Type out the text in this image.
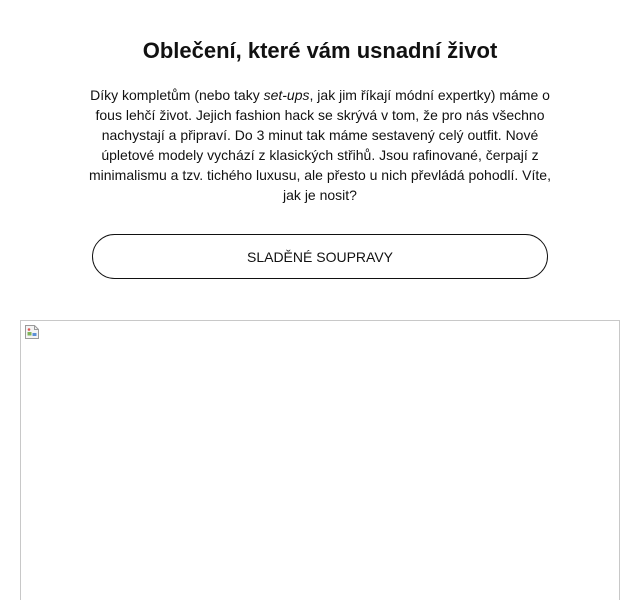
Oblečení, které vám usnadní život

Díky kompletům (nebo taky set-ups, jak jim říkají módní expertky) máme o fous lehčí život. Jejich fashion hack se skrývá v tom, že pro nás všechno nachystají a připraví. Do 3 minut tak máme sestavený celý outfit. Nové úpletové modely vychází z klasických střihů. Jsou rafinované, čerpají z minimalismu a tzv. tichého luxusu, ale přesto u nich převládá pohodlí. Víte, jak je nosit?

SLADĚNÉ SOUPRAVY
